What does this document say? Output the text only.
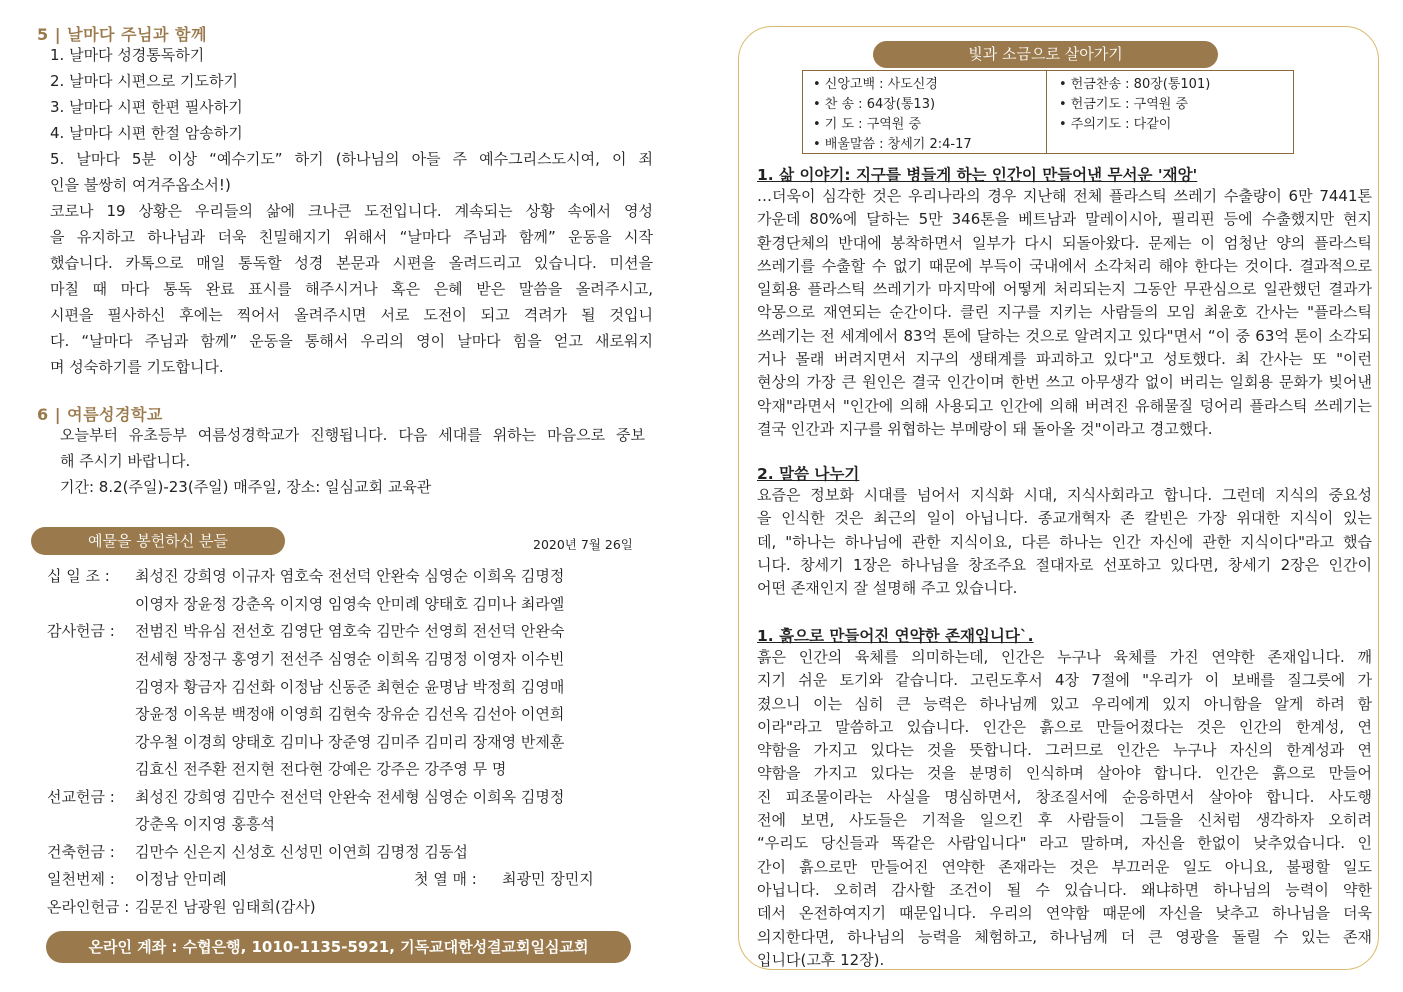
5 | 날마다 주님과 함께
1. 날마다 성경통독하기
2. 날마다 시편으로 기도하기
3. 날마다 시편 한편 필사하기
4. 날마다 시편 한절 암송하기
5. 날마다 5분 이상 “예수기도” 하기 (하나님의 아들 주 예수그리스도시여, 이 죄
인을 불쌍히 여겨주옵소서!)
코로나 19 상황은 우리들의 삶에 크나큰 도전입니다. 계속되는 상황 속에서 영성
을 유지하고 하나님과 더욱 친밀해지기 위해서 “날마다 주님과 함께” 운동을 시작
했습니다. 카톡으로 매일 통독할 성경 본문과 시편을 올려드리고 있습니다. 미션을
마칠 때 마다 통독 완료 표시를 해주시거나 혹은 은혜 받은 말씀을 올려주시고,
시편을 필사하신 후에는 찍어서 올려주시면 서로 도전이 되고 격려가 될 것입니
다. “날마다 주님과 함께” 운동을 통해서 우리의 영이 날마다 힘을 얻고 새로워지
며 성숙하기를 기도합니다.
6 | 여름성경학교
오늘부터 유초등부 여름성경학교가 진행됩니다. 다음 세대를 위하는 마음으로 중보
해 주시기 바랍니다.
기간: 8.2(주일)-23(주일) 매주일, 장소: 일심교회 교육관
예물을 봉헌하신 분들	2020년 7월 26일
십 일 조 : 최성진 강희영 이규자 염호숙 전선덕 안완숙 심영순 이희옥 김명정
이영자 장윤정 강춘옥 이지영 임영숙 안미례 양태호 김미나 최라엘
감사헌금 : 전범진 박유심 전선호 김영단 염호숙 김만수 선영희 전선덕 안완숙
전세형 장정구 홍영기 전선주 심영순 이희옥 김명정 이영자 이수빈
김영자 황금자 김선화 이정남 신동준 최현순 윤명남 박정희 김영매
장윤정 이옥분 백정애 이영희 김현숙 장유순 김선옥 김선아 이연희
강우철 이경희 양태호 김미나 장준영 김미주 김미리 장재영 반제훈
김효신 전주환 전지현 전다현 강예은 강주은 강주영 무 명
선교헌금 : 최성진 강희영 김만수 전선덕 안완숙 전세형 심영순 이희옥 김명정
강춘옥 이지영 홍흥석
건축헌금 : 김만수 신은지 신성호 신성민 이연희 김명정 김동섭
일천번제 : 이정남 안미례
온라인헌금 : 김문진 남광원 임태희(감사)
첫 열 매 : 최광민 장민지
온라인 계좌 : 수협은행, 1010-1135-5921, 기독교대한성결교회일심교회
빛과 소금으로 살아가기
• 신앙고백 : 사도신경
• 찬 송 : 64장(통13)
• 기 도 : 구역원 중
• 배울말씀 : 창세기 2:4-17
• 헌금찬송 : 80장(통101)
• 헌금기도 : 구역원 중
• 주의기도 : 다같이
1. 삶 이야기: 지구를 병들게 하는 인간이 만들어낸 무서운 '재앙'
…더욱이 심각한 것은 우리나라의 경우 지난해 전체 플라스틱 쓰레기 수출량이 6만 7441톤
가운데 80%에 달하는 5만 346톤을 베트남과 말레이시아, 필리핀 등에 수출했지만 현지
환경단체의 반대에 봉착하면서 일부가 다시 되돌아왔다. 문제는 이 엄청난 양의 플라스틱
쓰레기를 수출할 수 없기 때문에 부득이 국내에서 소각처리 해야 한다는 것이다. 결과적으로
일회용 플라스틱 쓰레기가 마지막에 어떻게 처리되는지 그동안 무관심으로 일관했던 결과가
악몽으로 재연되는 순간이다. 클린 지구를 지키는 사람들의 모임 최윤호 간사는 "플라스틱
쓰레기는 전 세계에서 83억 톤에 달하는 것으로 알려지고 있다"면서 “이 중 63억 톤이 소각되
거나 몰래 버려지면서 지구의 생태계를 파괴하고 있다"고 성토했다. 최 간사는 또 "이런
현상의 가장 큰 원인은 결국 인간이며 한번 쓰고 아무생각 없이 버리는 일회용 문화가 빚어낸
악재"라면서 "인간에 의해 사용되고 인간에 의해 버려진 유해물질 덩어리 플라스틱 쓰레기는
결국 인간과 지구를 위협하는 부메랑이 돼 돌아올 것"이라고 경고했다.
2. 말씀 나누기
요즘은 정보화 시대를 넘어서 지식화 시대, 지식사회라고 합니다. 그런데 지식의 중요성
을 인식한 것은 최근의 일이 아닙니다. 종교개혁자 존 칼빈은 가장 위대한 지식이 있는
데, "하나는 하나님에 관한 지식이요, 다른 하나는 인간 자신에 관한 지식이다"라고 했습
니다. 창세기 1장은 하나님을 창조주요 절대자로 선포하고 있다면, 창세기 2장은 인간이
어떤 존재인지 잘 설명해 주고 있습니다.
1. 흙으로 만들어진 연약한 존재입니다`.
흙은 인간의 육체를 의미하는데, 인간은 누구나 육체를 가진 연약한 존재입니다. 깨
지기 쉬운 토기와 같습니다. 고린도후서 4장 7절에 "우리가 이 보배를 질그릇에 가
졌으니 이는 심히 큰 능력은 하나님께 있고 우리에게 있지 아니함을 알게 하려 함
이라"라고 말씀하고 있습니다. 인간은 흙으로 만들어졌다는 것은 인간의 한계성, 연
약함을 가지고 있다는 것을 뜻합니다. 그러므로 인간은 누구나 자신의 한계성과 연
약함을 가지고 있다는 것을 분명히 인식하며 살아야 합니다. 인간은 흙으로 만들어
진 피조물이라는 사실을 명심하면서, 창조질서에 순응하면서 살아야 합니다. 사도행
전에 보면, 사도들은 기적을 일으킨 후 사람들이 그들을 신처럼 생각하자 오히려
“우리도 당신들과 똑같은 사람입니다" 라고 말하며, 자신을 한없이 낮추었습니다. 인
간이 흙으로만 만들어진 연약한 존재라는 것은 부끄러운 일도 아니요, 불평할 일도
아닙니다. 오히려 감사할 조건이 될 수 있습니다. 왜냐하면 하나님의 능력이 약한
데서 온전하여지기 때문입니다. 우리의 연약함 때문에 자신을 낮추고 하나님을 더욱
의지한다면, 하나님의 능력을 체험하고, 하나님께 더 큰 영광을 돌릴 수 있는 존재
입니다(고후 12장).
